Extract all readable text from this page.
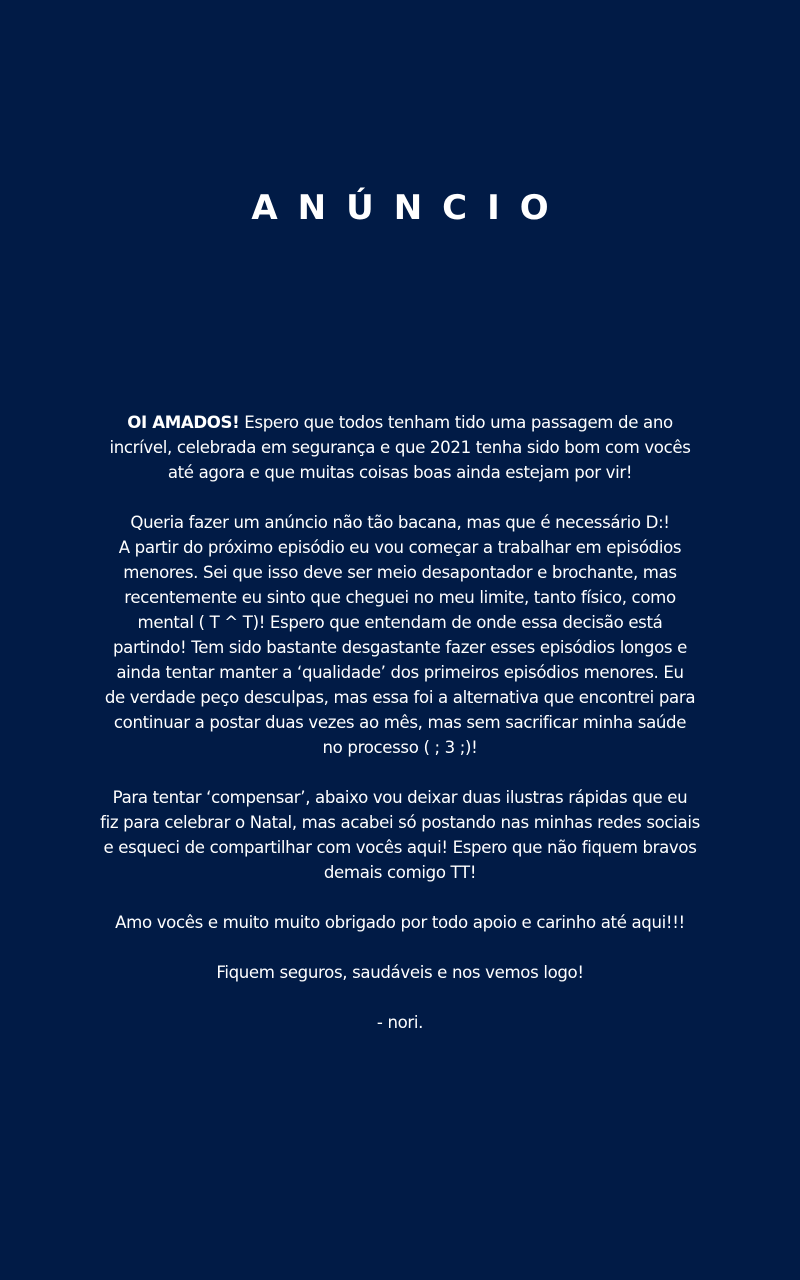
ANÚNCIO
OI AMADOS! Espero que todos tenham tido uma passagem de ano
incrível, celebrada em segurança e que 2021 tenha sido bom com vocês
até agora e que muitas coisas boas ainda estejam por vir!
Queria fazer um anúncio não tão bacana, mas que é necessário D:!
A partir do próximo episódio eu vou começar a trabalhar em episódios
menores. Sei que isso deve ser meio desapontador e brochante, mas
recentemente eu sinto que cheguei no meu limite, tanto físico, como
mental ( T ^ T)! Espero que entendam de onde essa decisão está
partindo! Tem sido bastante desgastante fazer esses episódios longos e
ainda tentar manter a ‘qualidade’ dos primeiros episódios menores. Eu
de verdade peço desculpas, mas essa foi a alternativa que encontrei para
continuar a postar duas vezes ao mês, mas sem sacrificar minha saúde
no processo ( ; 3 ;)!
Para tentar ‘compensar’, abaixo vou deixar duas ilustras rápidas que eu
fiz para celebrar o Natal, mas acabei só postando nas minhas redes sociais
e esqueci de compartilhar com vocês aqui! Espero que não fiquem bravos
demais comigo TT!
Amo vocês e muito muito obrigado por todo apoio e carinho até aqui!!!
Fiquem seguros, saudáveis e nos vemos logo!
- nori.
